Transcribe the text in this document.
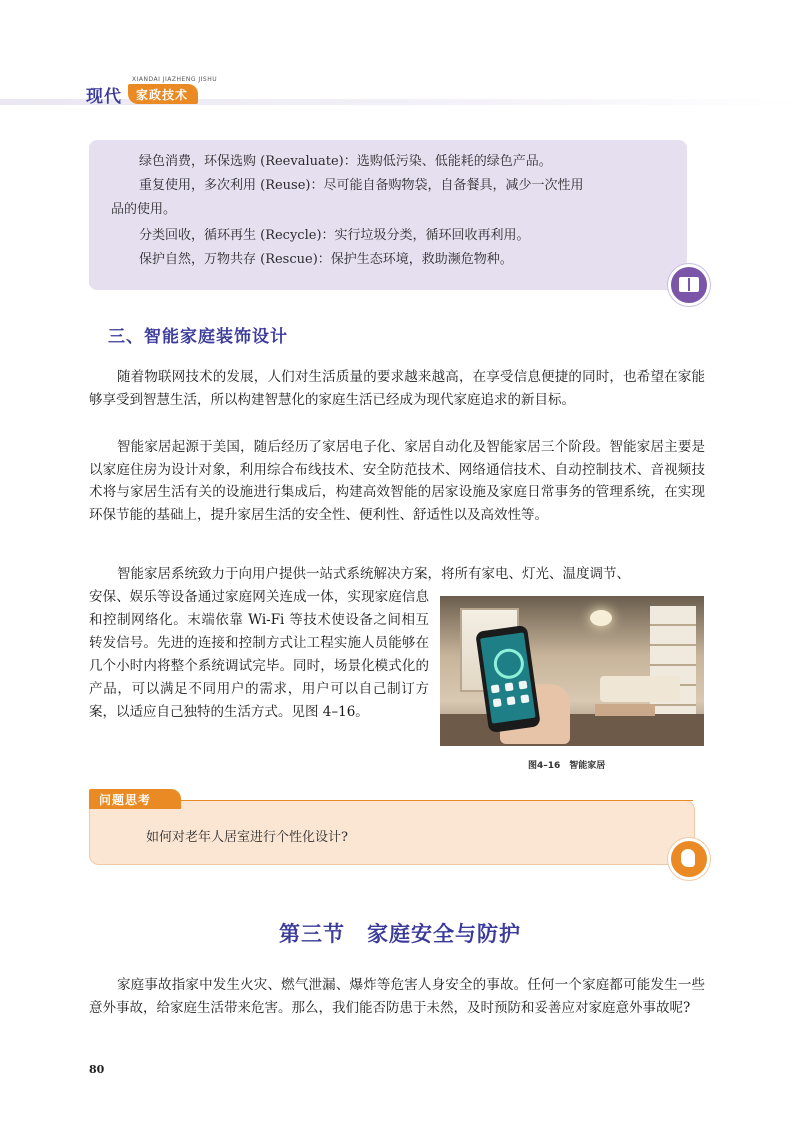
现代
XIANDAI JIAZHENG JISHU
家政技术

绿色消费，环保选购 (Reevaluate)：选购低污染、低能耗的绿色产品。

重复使用，多次利用 (Reuse)：尽可能自备购物袋，自备餐具，减少一次性用

品的使用。

分类回收，循环再生 (Recycle)：实行垃圾分类，循环回收再利用。

保护自然，万物共存 (Rescue)：保护生态环境，救助濒危物种。

三、智能家庭装饰设计

随着物联网技术的发展，人们对生活质量的要求越来越高，在享受信息便捷的同时，也希望在家能够享受到智慧生活，所以构建智慧化的家庭生活已经成为现代家庭追求的新目标。

智能家居起源于美国，随后经历了家居电子化、家居自动化及智能家居三个阶段。智能家居主要是以家庭住房为设计对象，利用综合布线技术、安全防范技术、网络通信技术、自动控制技术、音视频技术将与家居生活有关的设施进行集成后，构建高效智能的居家设施及家庭日常事务的管理系统，在实现环保节能的基础上，提升家居生活的安全性、便利性、舒适性以及高效性等。

智能家居系统致力于向用户提供一站式系统解决方案，将所有家电、灯光、温度调节、

安保、娱乐等设备通过家庭网关连成一体，实现家庭信息和控制网络化。末端依靠 Wi-Fi 等技术使设备之间相互转发信号。先进的连接和控制方式让工程实施人员能够在几个小时内将整个系统调试完毕。同时，场景化模式化的产品，可以满足不同用户的需求，用户可以自己制订方案，以适应自己独特的生活方式。见图 4–16。

图4–16　智能家居
问题思考

如何对老年人居室进行个性化设计?

第三节 家庭安全与防护

家庭事故指家中发生火灾、燃气泄漏、爆炸等危害人身安全的事故。任何一个家庭都可能发生一些意外事故，给家庭生活带来危害。那么，我们能否防患于未然，及时预防和妥善应对家庭意外事故呢?

80
